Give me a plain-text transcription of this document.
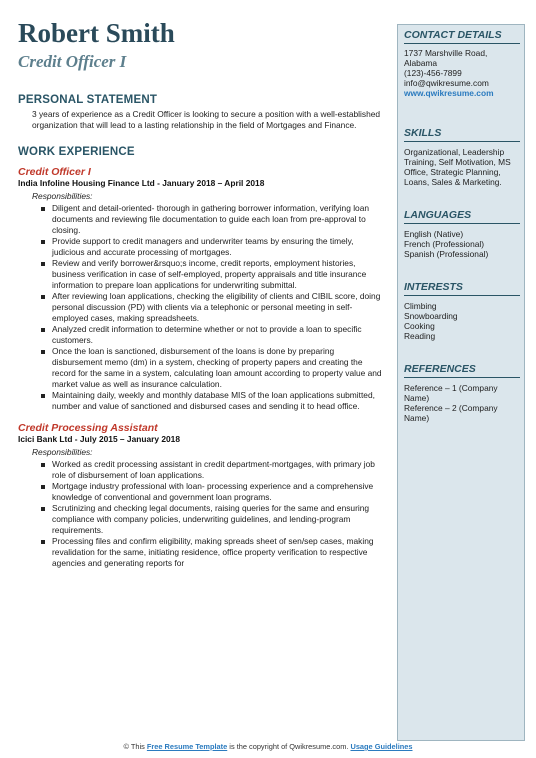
Robert Smith
Credit Officer I
PERSONAL STATEMENT

3 years of experience as a Credit Officer is looking to secure a position with a well-established organization that will lead to a lasting relationship in the field of Mortgages and Finance.

WORK EXPERIENCE
Credit Officer I
India Infoline Housing Finance Ltd - January 2018 – April 2018
Responsibilities:
Diligent and detail-oriented- thorough in gathering borrower information, verifying loan documents and reviewing file documentation to guide each loan from pre-approval to closing.
Provide support to credit managers and underwriter teams by ensuring the timely, judicious and accurate processing of mortgages.
Review and verify borrower&rsquo;s income, credit reports, employment histories, business verification in case of self-employed, property appraisals and title insurance information to prepare loan applications for underwriting submittal.
After reviewing loan applications, checking the eligibility of clients and CIBIL score, doing personal discussion (PD) with clients via a telephonic or personal meeting in self-employed cases, making spreadsheets.
Analyzed credit information to determine whether or not to provide a loan to specific customers.
Once the loan is sanctioned, disbursement of the loans is done by preparing disbursement memo (dm) in a system, checking of property papers and creating the record for the same in a system, calculating loan amount according to property value and market value as well as insurance calculation.
Maintaining daily, weekly and monthly database MIS of the loan applications submitted, number and value of sanctioned and disbursed cases and sending it to head office.
Credit Processing Assistant
Icici Bank Ltd - July 2015 – January 2018
Responsibilities:
Worked as credit processing assistant in credit department-mortgages, with primary job role of disbursement of loan applications.
Mortgage industry professional with loan- processing experience and a comprehensive knowledge of conventional and government loan programs.
Scrutinizing and checking legal documents, raising queries for the same and ensuring compliance with company policies, underwriting guidelines, and lending-program requirements.
Processing files and confirm eligibility, making spreads sheet of sen/sep cases, making revalidation for the same, initiating residence, office property verification to respective agencies and generating reports for
CONTACT DETAILS
1737 Marshville Road, Alabama
(123)-456-7899
info@qwikresume.com
www.qwikresume.com
SKILLS
Organizational, Leadership Training, Self Motivation, MS Office, Strategic Planning, Loans, Sales & Marketing.
LANGUAGES
English (Native)
French (Professional)
Spanish (Professional)
INTERESTS
Climbing
Snowboarding
Cooking
Reading
REFERENCES
Reference – 1 (Company Name)
Reference – 2 (Company Name)
© This Free Resume Template is the copyright of Qwikresume.com. Usage Guidelines
